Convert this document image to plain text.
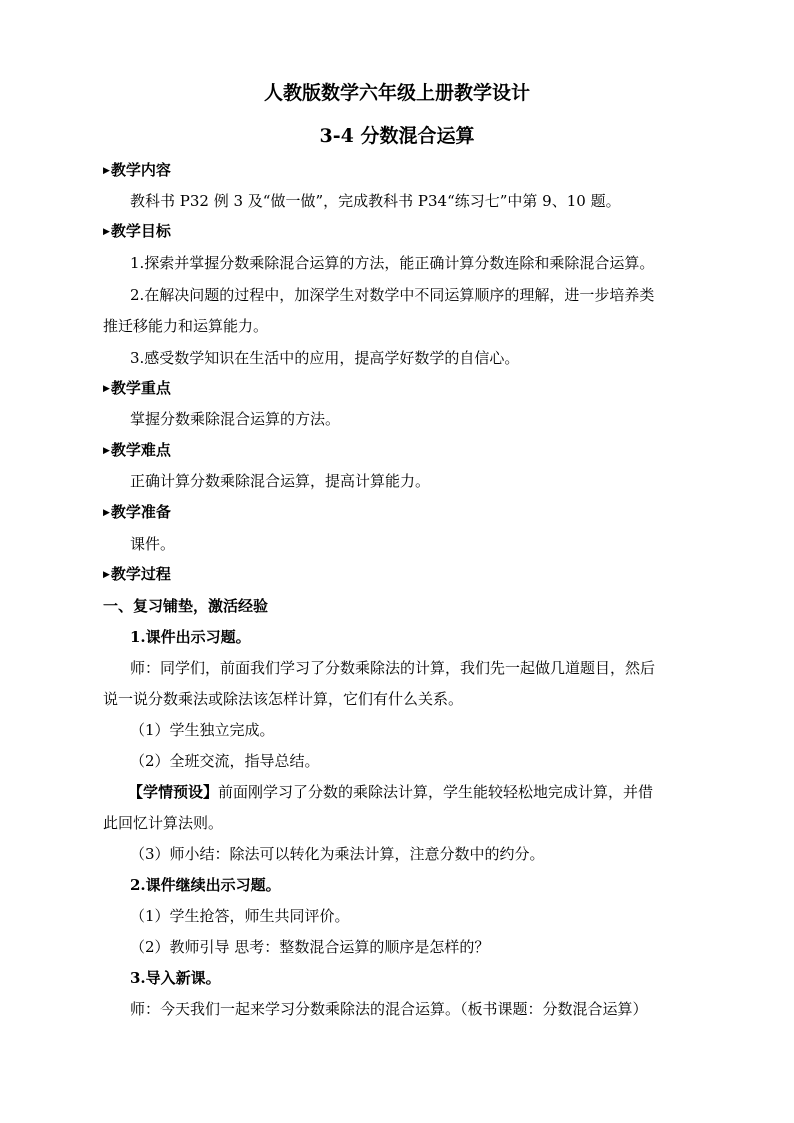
人教版数学六年级上册教学设计
3-4 分数混合运算
▶教学内容
教科书 P32 例 3 及“做一做”，完成教科书 P34“练习七”中第 9、10 题。
▶教学目标
1.探索并掌握分数乘除混合运算的方法，能正确计算分数连除和乘除混合运算。
2.在解决问题的过程中，加深学生对数学中不同运算顺序的理解，进一步培养类
推迁移能力和运算能力。
3.感受数学知识在生活中的应用，提高学好数学的自信心。
▶教学重点
掌握分数乘除混合运算的方法。
▶教学难点
正确计算分数乘除混合运算，提高计算能力。
▶教学准备
课件。
▶教学过程
一、复习铺垫，激活经验
1.课件出示习题。
师：同学们，前面我们学习了分数乘除法的计算，我们先一起做几道题目，然后
说一说分数乘法或除法该怎样计算，它们有什么关系。
（1）学生独立完成。
（2）全班交流，指导总结。
【学情预设】前面刚学习了分数的乘除法计算，学生能较轻松地完成计算，并借
此回忆计算法则。
（3）师小结：除法可以转化为乘法计算，注意分数中的约分。
2.课件继续出示习题。
（1）学生抢答，师生共同评价。
（2）教师引导 思考：整数混合运算的顺序是怎样的？
3.导入新课。
师：今天我们一起来学习分数乘除法的混合运算。（板书课题：分数混合运算）
